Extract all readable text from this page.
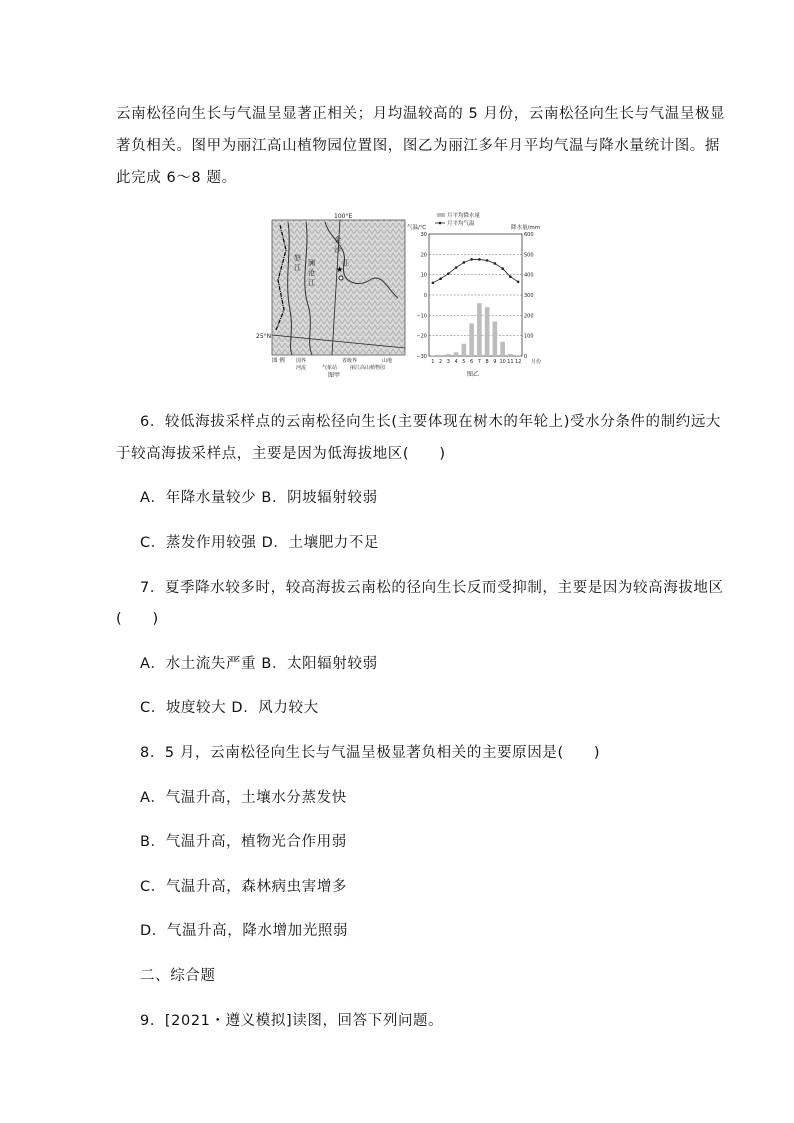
云南松径向生长与气温呈显著正相关；月均温较高的 5 月份，云南松径向生长与气温呈极显
著负相关。图甲为丽江高山植物园位置图，图乙为丽江多年月平均气温与降水量统计图。据
此完成 6～8 题。
100°E
25°N
怒
江
澜
沧
江
金
沙
江
★
图 例 国界	省级界	山地
河流	气象站	丽江高山植物园
图甲
月平均降水量
月平均气温
气温/℃	降水量/mm
月份
图乙
30
20
10
0
−10
−20
−30
600
500
400
300
200
100
0
1 2 3 4 5 6 7 8 9 10 11 12
6．较低海拔采样点的云南松径向生长(主要体现在树木的年轮上)受水分条件的制约远大
于较高海拔采样点，主要是因为低海拔地区(　　)
A．年降水量较少 B．阴坡辐射较弱
C．蒸发作用较强 D．土壤肥力不足
7．夏季降水较多时，较高海拔云南松的径向生长反而受抑制，主要是因为较高海拔地区
(　　)
A．水土流失严重 B．太阳辐射较弱
C．坡度较大 D．风力较大
8．5 月，云南松径向生长与气温呈极显著负相关的主要原因是(　　)
A．气温升高，土壤水分蒸发快
B．气温升高，植物光合作用弱
C．气温升高，森林病虫害增多
D．气温升高，降水增加光照弱
二、综合题
9．[2021・遵义模拟]读图，回答下列问题。
